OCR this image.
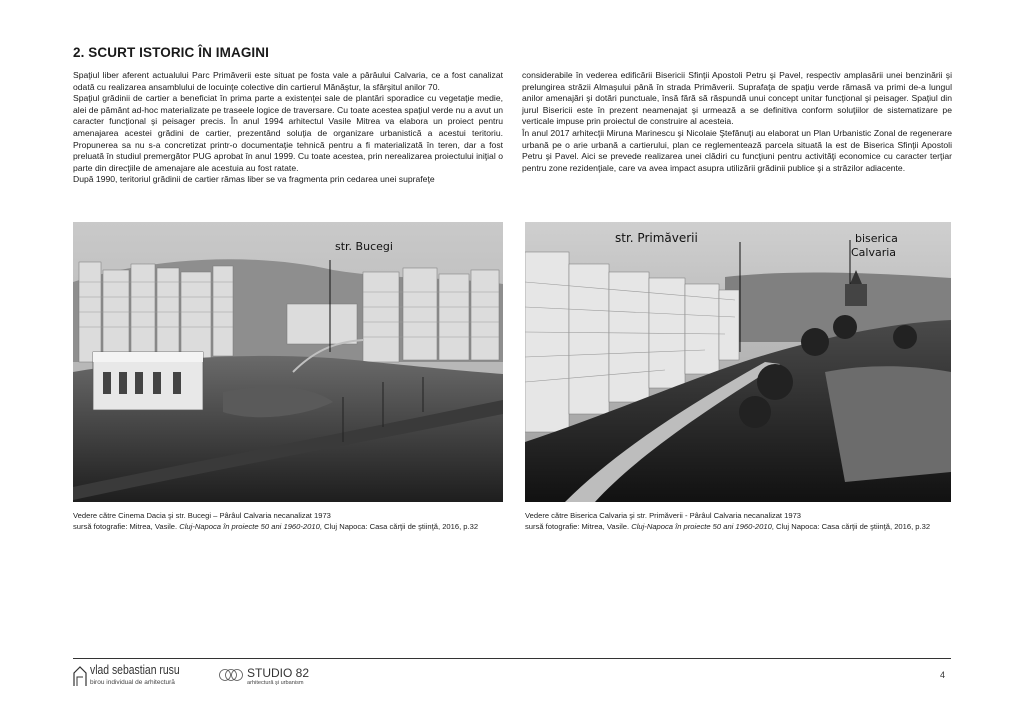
2. SCURT ISTORIC ÎN IMAGINI
Spaţiul liber aferent actualului Parc Primăverii este situat pe fosta vale a pârâului Calvaria, ce a fost canalizat odată cu realizarea ansamblului de locuinţe colective din cartierul Mănăştur, la sfârşitul anilor 70.
Spaţiul grădinii de cartier a beneficiat în prima parte a existenţei sale de plantări sporadice cu vegetaţie medie, alei de pământ ad-hoc materializate pe traseele logice de traversare. Cu toate acestea spaţiul verde nu a avut un caracter funcţional şi peisager precis. În anul 1994 arhitectul Vasile Mitrea va elabora un proiect pentru amenajarea acestei grădini de cartier, prezentând soluţia de organizare urbanistică a acestui teritoriu. Propunerea sa nu s-a concretizat printr-o documentaţie tehnică pentru a fi materializată în teren, dar a fost preluată în studiul premergător PUG aprobat în anul 1999. Cu toate acestea, prin nerealizarea proiectului iniţial o parte din direcţiile de amenajare ale acestuia au fost ratate.
După 1990, teritoriul grădinii de cartier rămas liber se va fragmenta prin cedarea unei suprafeţe
considerabile în vederea edificării Bisericii Sfinţii Apostoli Petru şi Pavel, respectiv amplasării unei benzinării şi prelungirea străzii Almaşului până în strada Primăverii. Suprafaţa de spaţiu verde rămasă va primi de-a lungul anilor amenajări şi dotări punctuale, însă fără să răspundă unui concept unitar funcţional şi peisager. Spaţiul din jurul Bisericii este în prezent neamenajat şi urmează a se definitiva conform soluţiilor de sistematizare pe verticale impuse prin proiectul de construire al acesteia.
În anul 2017 arhitecţii Miruna Marinescu şi Nicolaie Ştefănuţi au elaborat un Plan Urbanistic Zonal de regenerare urbană pe o arie urbană a cartierului, plan ce reglementează parcela situată la est de Biserica Sfinţii Apostoli Petru şi Pavel. Aici se prevede realizarea unei clădiri cu funcţiuni pentru activităţi economice cu caracter terţiar pentru zone rezidenţiale, care va avea impact asupra utilizării grădinii publice şi a străzilor adiacente.
str. Bucegi
str. Primăverii	biserica
Calvaria
Vedere către Cinema Dacia şi str. Bucegi – Pârâul Calvaria necanalizat 1973
sursă fotografie: Mitrea, Vasile. Cluj-Napoca în proiecte 50 ani 1960-2010, Cluj Napoca: Casa cărţii de ştiinţă, 2016, p.32
Vedere către Biserica Calvaria şi str. Primăverii - Pârâul Calvaria necanalizat 1973
sursă fotografie: Mitrea, Vasile. Cluj-Napoca în proiecte 50 ani 1960-2010, Cluj Napoca: Casa cărţii de ştiinţă, 2016, p.32
vlad sebastian rusu
birou individual de arhitectură
STUDIO 82
arhitectură şi urbanism
4
